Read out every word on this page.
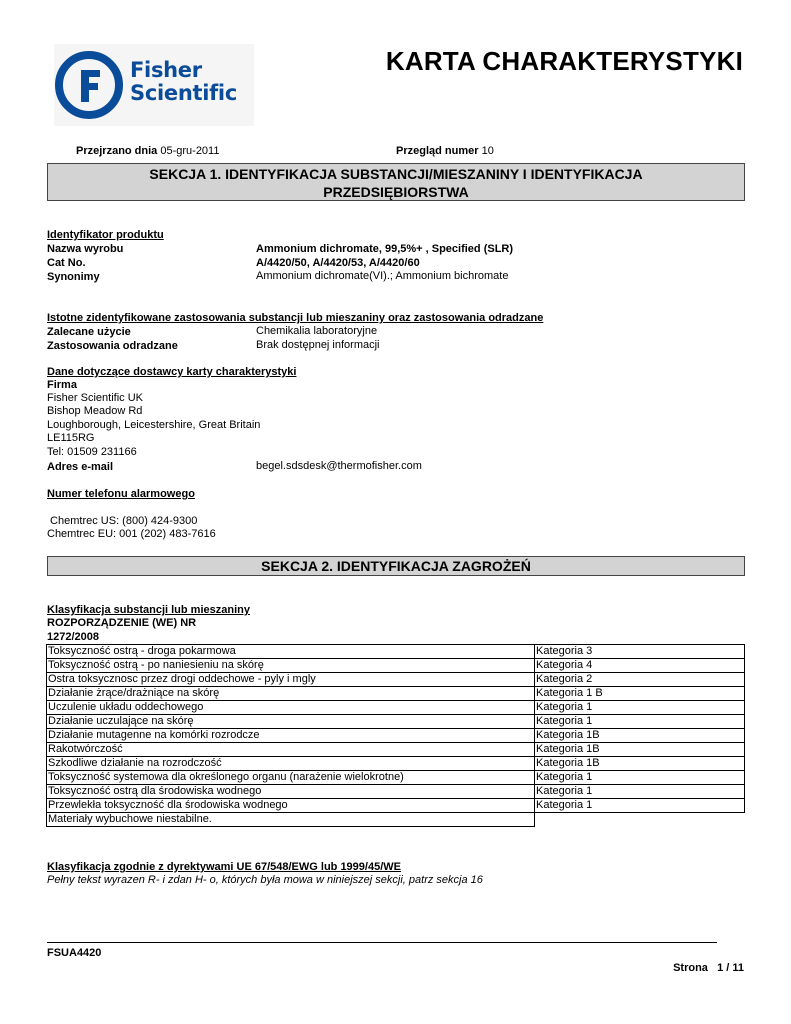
Fisher
Scientific
KARTA CHARAKTERYSTYKI
Przejrzano dnia 05-gru-2011	Przegląd numer 10
SEKCJA 1. IDENTYFIKACJA SUBSTANCJI/MIESZANINY I IDENTYFIKACJA
PRZEDSIĘBIORSTWA
Identyfikator produktu
Nazwa wyrobu	Ammonium dichromate, 99,5%+ , Specified (SLR)
Cat No.	A/4420/50, A/4420/53, A/4420/60
Synonimy	Ammonium dichromate(VI).; Ammonium bichromate
Istotne zidentyfikowane zastosowania substancji lub mieszaniny oraz zastosowania odradzane
Zalecane użycie	Chemikalia laboratoryjne
Zastosowania odradzane	Brak dostępnej informacji
Dane dotyczące dostawcy karty charakterystyki
Firma
Fisher Scientific UK
Bishop Meadow Rd
Loughborough, Leicestershire, Great Britain
LE115RG
Tel: 01509 231166
Adres e-mail	begel.sdsdesk@thermofisher.com
Numer telefonu alarmowego
Chemtrec US: (800) 424-9300
Chemtrec EU: 001 (202) 483-7616
SEKCJA 2. IDENTYFIKACJA ZAGROŻEŃ
Klasyfikacja substancji lub mieszaniny
ROZPORZĄDZENIE (WE) NR
1272/2008
Toksyczność ostrą - droga pokarmowa	Kategoria 3
Toksyczność ostrą - po naniesieniu na skórę	Kategoria 4
Ostra toksycznosc przez drogi oddechowe - pyly i mgly	Kategoria 2
Działanie żrące/drażniące na skórę	Kategoria 1 B
Uczulenie układu oddechowego	Kategoria 1
Działanie uczulające na skórę	Kategoria 1
Działanie mutagenne na komórki rozrodcze	Kategoria 1B
Rakotwórczość	Kategoria 1B
Szkodliwe działanie na rozrodczość	Kategoria 1B
Toksyczność systemowa dla określonego organu (narażenie wielokrotne)	Kategoria 1
Toksyczność ostrą dla środowiska wodnego	Kategoria 1
Przewlekła toksyczność dla środowiska wodnego	Kategoria 1
Materiały wybuchowe niestabilne.	
Klasyfikacja zgodnie z dyrektywami UE 67/548/EWG lub 1999/45/WE
Pełny tekst wyrazen R- i zdan H- o, których była mowa w niniejszej sekcji, patrz sekcja 16
FSUA4420
Strona 1 / 11
